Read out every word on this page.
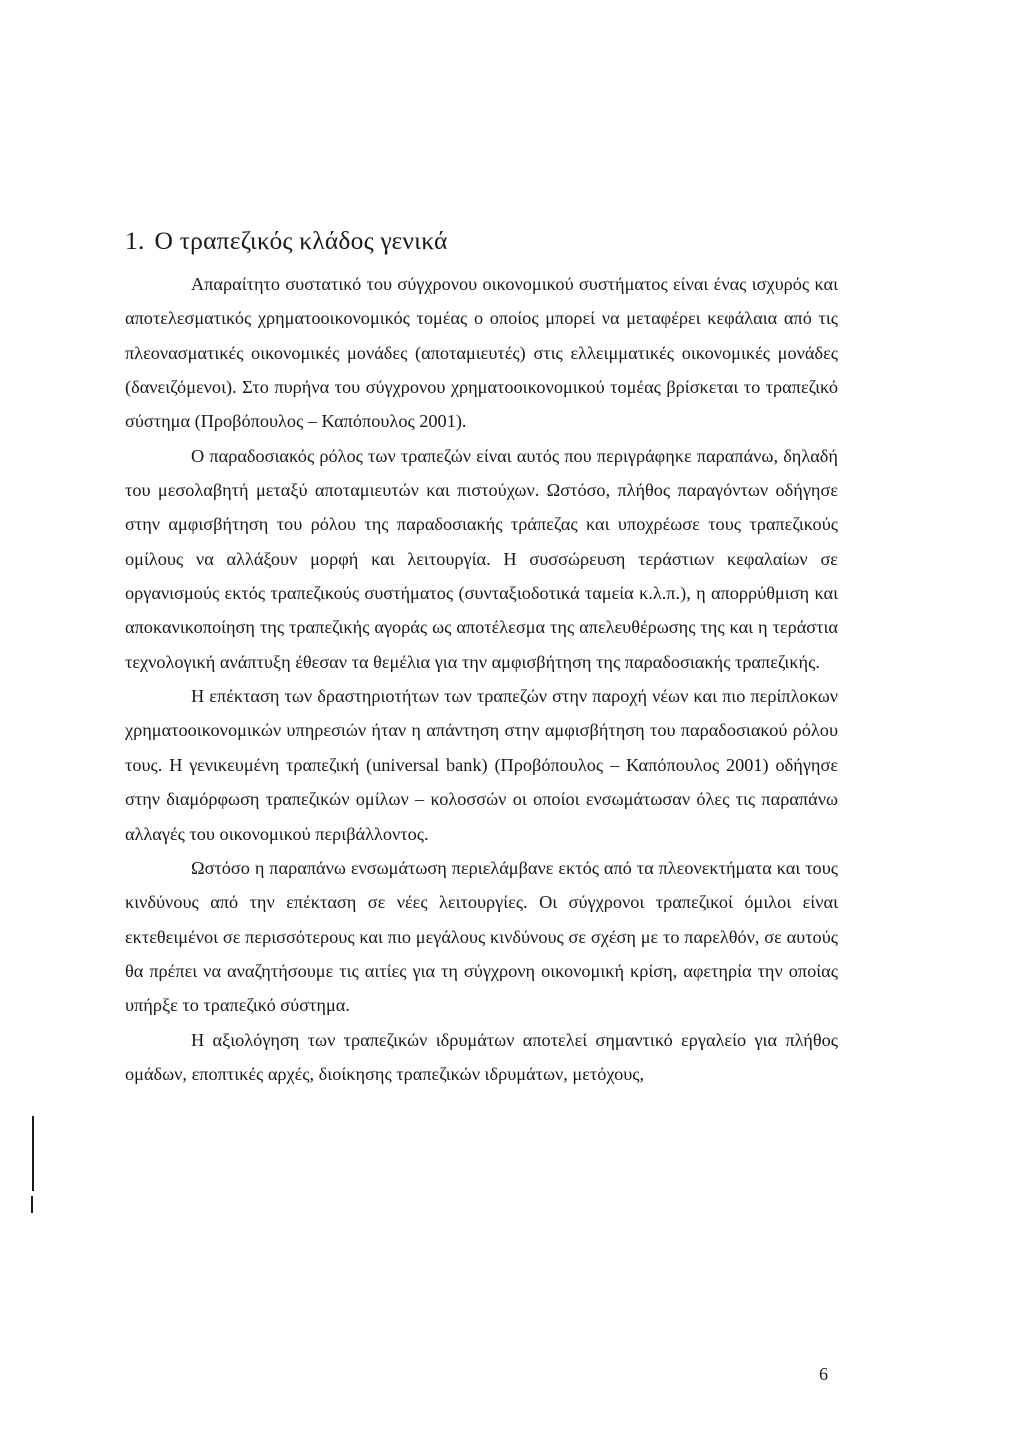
1. Ο τραπεζικός κλάδος γενικά

Απαραίτητο συστατικό του σύγχρονου οικονομικού συστήματος είναι ένας ισχυρός και αποτελεσματικός χρηματοοικονομικός τομέας ο οποίος μπορεί να μεταφέρει κεφάλαια από τις πλεονασματικές οικονομικές μονάδες (αποταμιευτές) στις ελλειμματικές οικονομικές μονάδες (δανειζόμενοι). Στο πυρήνα του σύγχρονου χρηματοοικονομικού τομέας βρίσκεται το τραπεζικό σύστημα (Προβόπουλος – Καπόπουλος 2001).

Ο παραδοσιακός ρόλος των τραπεζών είναι αυτός που περιγράφηκε παραπάνω, δηλαδή του μεσολαβητή μεταξύ αποταμιευτών και πιστούχων. Ωστόσο, πλήθος παραγόντων οδήγησε στην αμφισβήτηση του ρόλου της παραδοσιακής τράπεζας και υποχρέωσε τους τραπεζικούς ομίλους να αλλάξουν μορφή και λειτουργία. Η συσσώρευση τεράστιων κεφαλαίων σε οργανισμούς εκτός τραπεζικούς συστήματος (συνταξιοδοτικά ταμεία κ.λ.π.), η απορρύθμιση και αποκανικοποίηση της τραπεζικής αγοράς ως αποτέλεσμα της απελευθέρωσης της και η τεράστια τεχνολογική ανάπτυξη έθεσαν τα θεμέλια για την αμφισβήτηση της παραδοσιακής τραπεζικής.

Η επέκταση των δραστηριοτήτων των τραπεζών στην παροχή νέων και πιο περίπλοκων χρηματοοικονομικών υπηρεσιών ήταν η απάντηση στην αμφισβήτηση του παραδοσιακού ρόλου τους. Η γενικευμένη τραπεζική (universal bank) (Προβόπουλος – Καπόπουλος 2001) οδήγησε στην διαμόρφωση τραπεζικών ομίλων – κολοσσών οι οποίοι ενσωμάτωσαν όλες τις παραπάνω αλλαγές του οικονομικού περιβάλλοντος.

Ωστόσο η παραπάνω ενσωμάτωση περιελάμβανε εκτός από τα πλεονεκτήματα και τους κινδύνους από την επέκταση σε νέες λειτουργίες. Οι σύγχρονοι τραπεζικοί όμιλοι είναι εκτεθειμένοι σε περισσότερους και πιο μεγάλους κινδύνους σε σχέση με το παρελθόν, σε αυτούς θα πρέπει να αναζητήσουμε τις αιτίες για τη σύγχρονη οικονομική κρίση, αφετηρία την οποίας υπήρξε το τραπεζικό σύστημα.

Η αξιολόγηση των τραπεζικών ιδρυμάτων αποτελεί σημαντικό εργαλείο για πλήθος ομάδων, εποπτικές αρχές, διοίκησης τραπεζικών ιδρυμάτων, μετόχους,

6
